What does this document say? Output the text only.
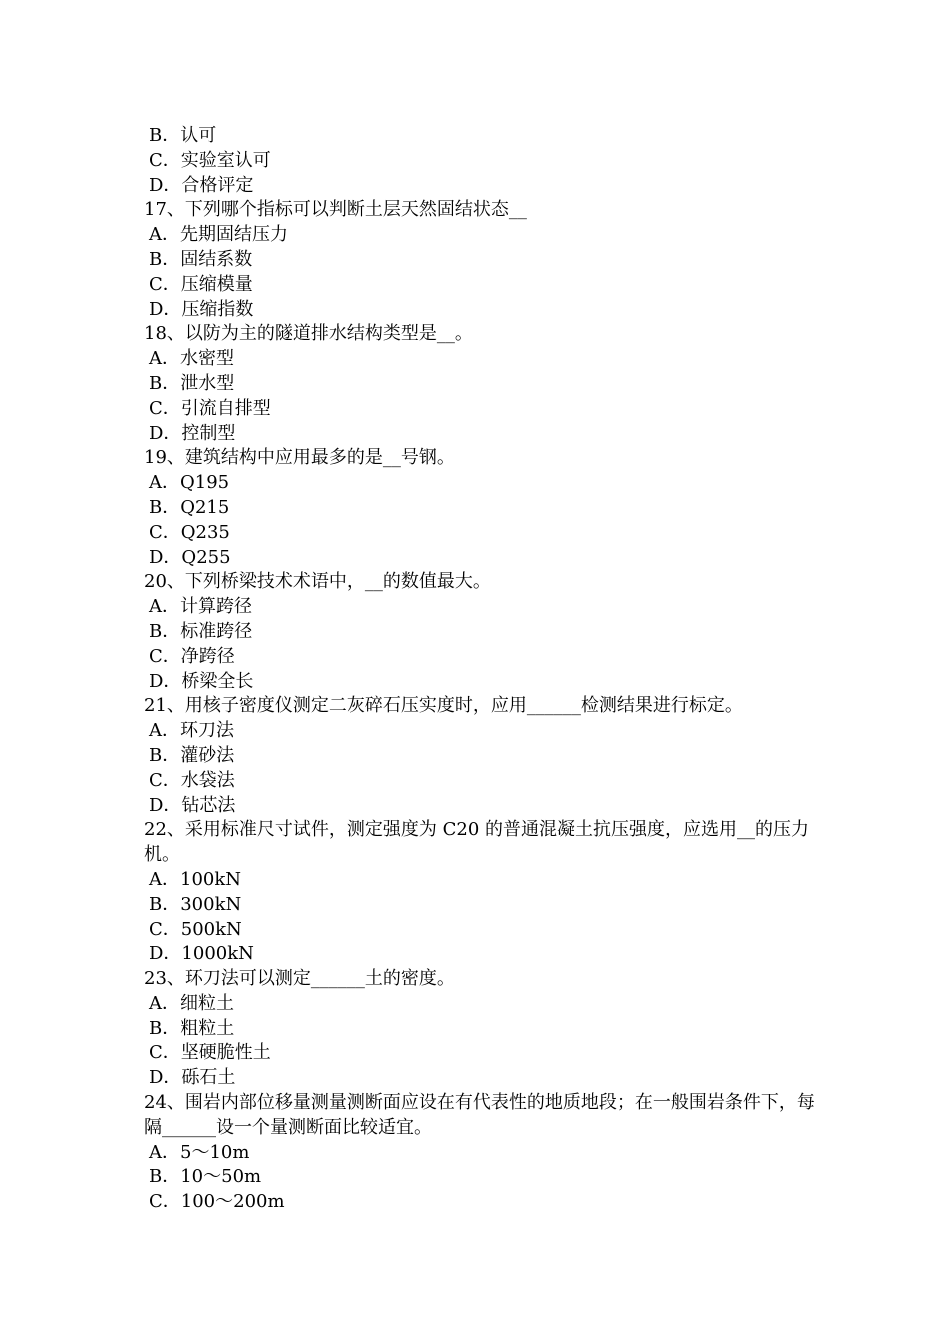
B．认可
C．实验室认可
D．合格评定
17、下列哪个指标可以判断土层天然固结状态__
A．先期固结压力
B．固结系数
C．压缩模量
D．压缩指数
18、以防为主的隧道排水结构类型是__。
A．水密型
B．泄水型
C．引流自排型
D．控制型
19、建筑结构中应用最多的是__号钢。
A．Q195
B．Q215
C．Q235
D．Q255
20、下列桥梁技术术语中，__的数值最大。
A．计算跨径
B．标准跨径
C．净跨径
D．桥梁全长
21、用核子密度仪测定二灰碎石压实度时，应用______检测结果进行标定。
A．环刀法
B．灌砂法
C．水袋法
D．钻芯法
22、采用标准尺寸试件，测定强度为 C20 的普通混凝土抗压强度，应选用__的压力机。
A．100kN
B．300kN
C．500kN
D．1000kN
23、环刀法可以测定______土的密度。
A．细粒土
B．粗粒土
C．坚硬脆性土
D．砾石土
24、围岩内部位移量测量测断面应设在有代表性的地质地段；在一般围岩条件下，每隔______设一个量测断面比较适宜。
A．5～10m
B．10～50m
C．100～200m
